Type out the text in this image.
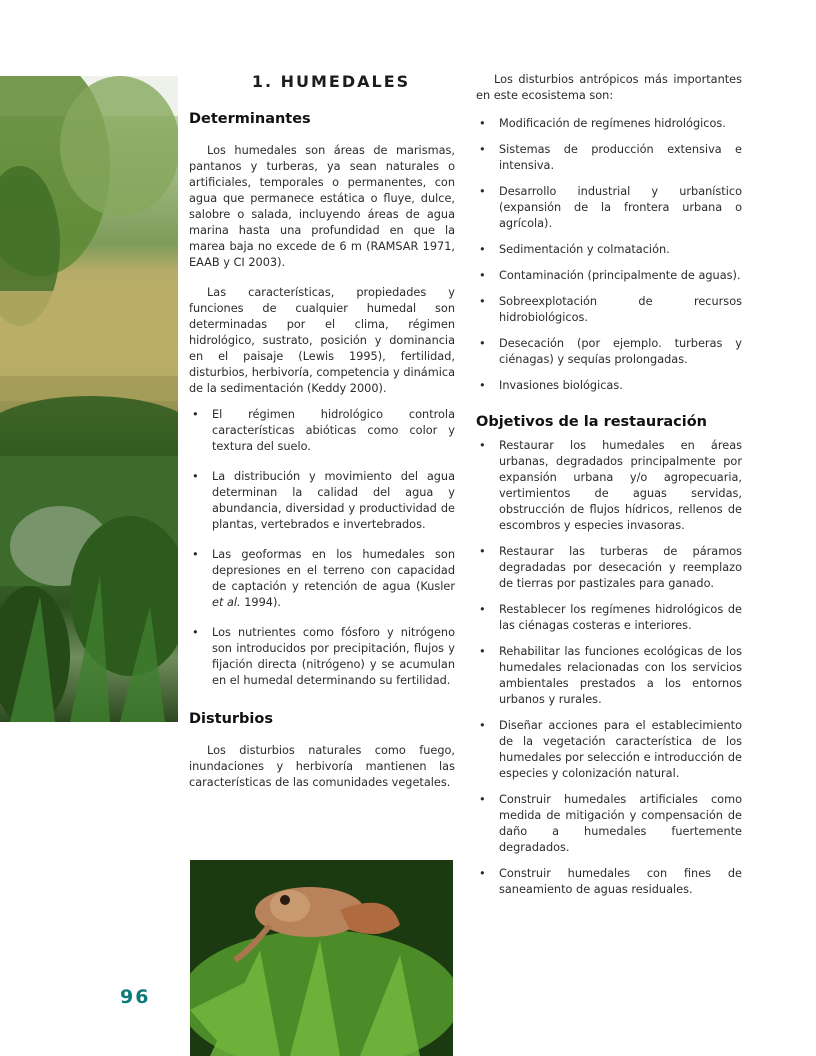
96
1. HUMEDALES
Determinantes

Los humedales son áreas de marismas, pantanos y turberas, ya sean naturales o artificiales, temporales o permanentes, con agua que permanece estática o fluye, dulce, salobre o salada, incluyendo áreas de agua marina hasta una profundidad en que la marea baja no excede de 6 m (RAMSAR 1971, EAAB y CI 2003).

Las características, propiedades y funciones de cualquier humedal son determinadas por el clima, régimen hidrológico, sustrato, posición y dominancia en el paisaje (Lewis 1995), fertilidad, disturbios, herbivoría, competencia y dinámica de la sedimentación (Keddy 2000).

• El régimen hidrológico controla características abióticas como color y textura del suelo.
• La distribución y movimiento del agua determinan la calidad del agua y abundancia, diversidad y productividad de plantas, vertebrados e invertebrados.
• Las geoformas en los humedales son depresiones en el terreno con capacidad de captación y retención de agua (Kusler et al. 1994).
• Los nutrientes como fósforo y nitrógeno son introducidos por precipitación, flujos y fijación directa (nitrógeno) y se acumulan en el humedal determinando su fertilidad.
Disturbios

Los disturbios naturales como fuego, inundaciones y herbivoría mantienen las características de las comunidades vegetales.

Los disturbios antrópicos más importantes en este ecosistema son:

• Modificación de regímenes hidrológicos.
• Sistemas de producción extensiva e intensiva.
• Desarrollo industrial y urbanístico (expansión de la frontera urbana o agrícola).
• Sedimentación y colmatación.
• Contaminación (principalmente de aguas).
• Sobreexplotación de recursos hidrobiológicos.
• Desecación (por ejemplo. turberas y ciénagas) y sequías prolongadas.
• Invasiones biológicas.
Objetivos de la restauración
• Restaurar los humedales en áreas urbanas, degradados principalmente por expansión urbana y/o agropecuaria, vertimientos de aguas servidas, obstrucción de flujos hídricos, rellenos de escombros y especies invasoras.
• Restaurar las turberas de páramos degradadas por desecación y reemplazo de tierras por pastizales para ganado.
• Restablecer los regímenes hidrológicos de las ciénagas costeras e interiores.
• Rehabilitar las funciones ecológicas de los humedales relacionadas con los servicios ambientales prestados a los entornos urbanos y rurales.
• Diseñar acciones para el establecimiento de la vegetación característica de los humedales por selección e introducción de especies y colonización natural.
• Construir humedales artificiales como medida de mitigación y compensación de daño a humedales fuertemente degradados.
• Construir humedales con fines de saneamiento de aguas residuales.
